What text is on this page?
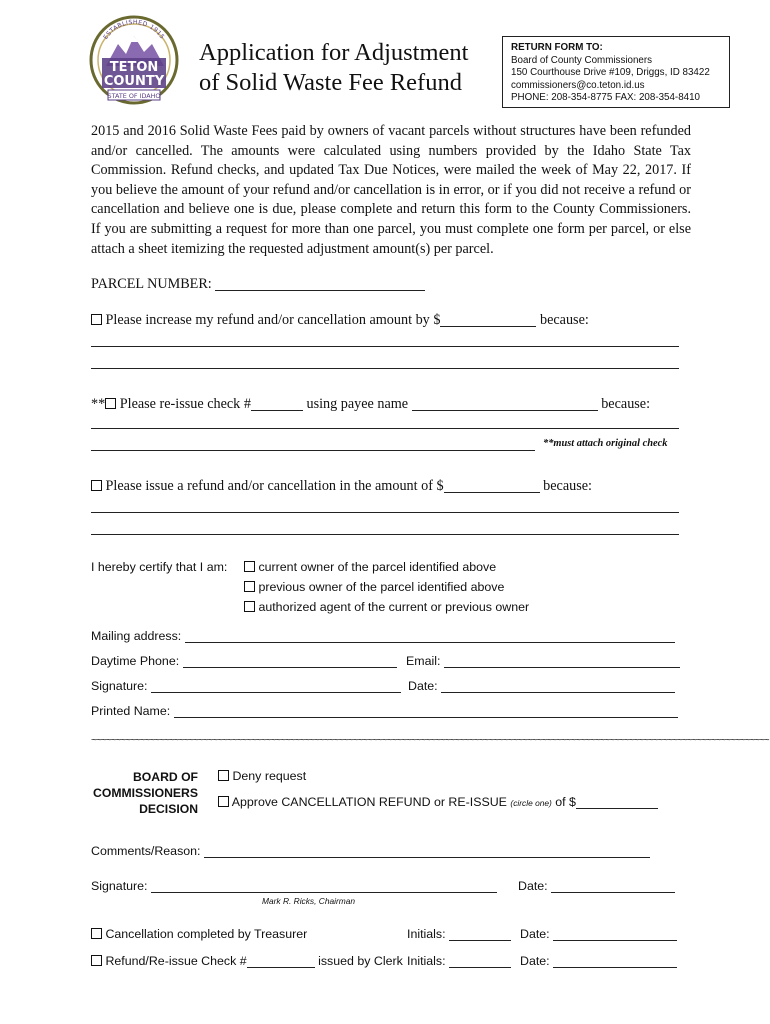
ESTABLISHED 1915
TETON
COUNTY
STATE OF IDAHO
Application for Adjustment
of Solid Waste Fee Refund
RETURN FORM TO:
Board of County Commissioners
150 Courthouse Drive #109, Driggs, ID 83422
commissioners@co.teton.id.us
PHONE: 208-354-8775 FAX: 208-354-8410
2015 and 2016 Solid Waste Fees paid by owners of vacant parcels without structures have been refunded and/or cancelled. The amounts were calculated using numbers provided by the Idaho State Tax Commission. Refund checks, and updated Tax Due Notices, were mailed the week of May 22, 2017. If you believe the amount of your refund and/or cancellation is in error, or if you did not receive a refund or cancellation and believe one is due, please complete and return this form to the County Commissioners. If you are submitting a request for more than one parcel, you must complete one form per parcel, or else attach a sheet itemizing the requested adjustment amount(s) per parcel.
PARCEL NUMBER:
Please increase my refund and/or cancellation amount by $	because:
** Please re-issue check #	using payee name	because:
**must attach original check
Please issue a refund and/or cancellation in the amount of $	because:
I hereby certify that I am:	current owner of the parcel identified above
previous owner of the parcel identified above
authorized agent of the current or previous owner
Mailing address:
Daytime Phone:	Email:
Signature:	Date:
Printed Name:
~~~~~~~~~~~~~~~~~~~~~~~~~~~~~~~~~~~~~~~~~~~~~~~~~~~~~~~~~~~~~~~~~~~~~~~~~~~~~~~~~~~~~~~~~~~~~~~~~~~~~~~~~~~~~~~~~~~~~~~~~~~~~~~~~~~~~~~~~~~~
BOARD OF
COMMISSIONERS
DECISION
Deny request
Approve CANCELLATION REFUND or RE-ISSUE (circle one) of $
Comments/Reason:
Signature:
Mark R. Ricks, Chairman
Date:
Cancellation completed by Treasurer	Initials:	Date:
Refund/Re-issue Check #	issued by Clerk Initials:	Date:
